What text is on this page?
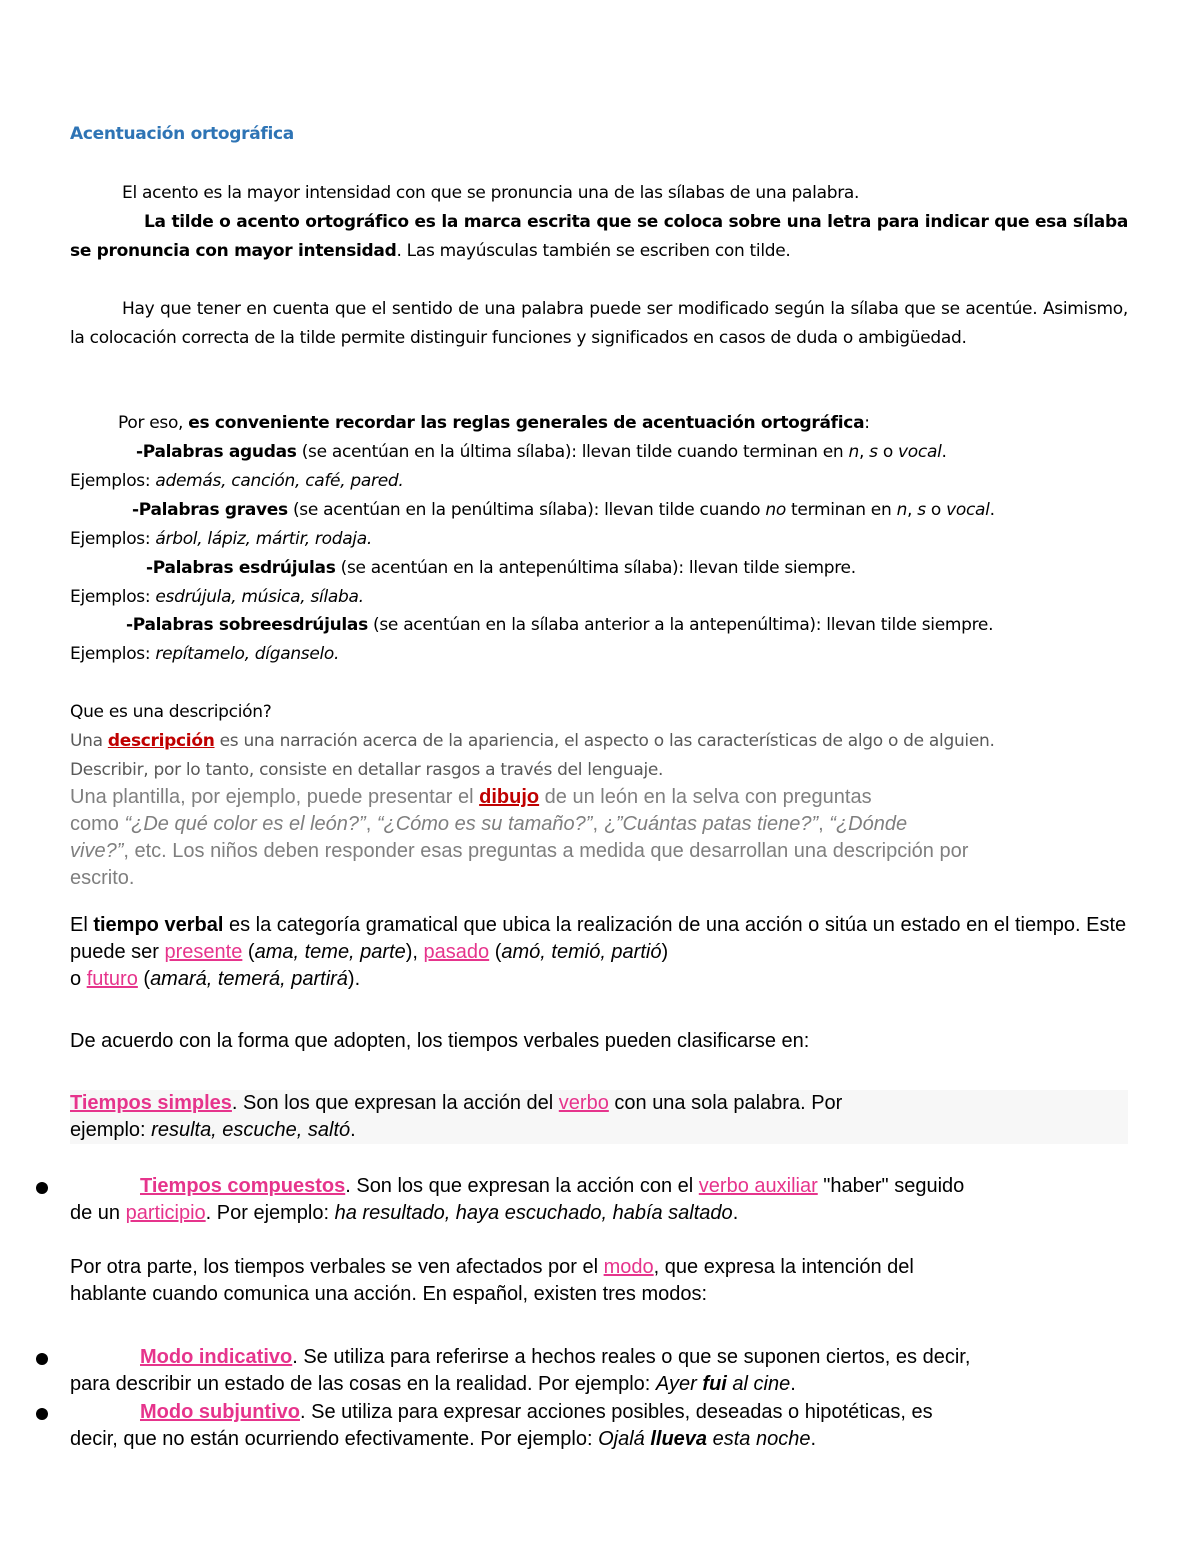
Acentuación ortográfica
El acento es la mayor intensidad con que se pronuncia una de las sílabas de una palabra.
La tilde o acento ortográfico es la marca escrita que se coloca sobre una letra para indicar que esa sílaba se pronuncia con mayor intensidad. Las mayúsculas también se escriben con tilde.
Hay que tener en cuenta que el sentido de una palabra puede ser modificado según la sílaba que se acentúe. Asimismo, la colocación correcta de la tilde permite distinguir funciones y significados en casos de duda o ambigüedad.
Por eso, es conveniente recordar las reglas generales de acentuación ortográfica:
-Palabras agudas (se acentúan en la última sílaba): llevan tilde cuando terminan en n, s o vocal.
Ejemplos: además, canción, café, pared.
-Palabras graves (se acentúan en la penúltima sílaba): llevan tilde cuando no terminan en n, s o vocal.
Ejemplos: árbol, lápiz, mártir, rodaja.
-Palabras esdrújulas (se acentúan en la antepenúltima sílaba): llevan tilde siempre.
Ejemplos: esdrújula, música, sílaba.
-Palabras sobreesdrújulas (se acentúan en la sílaba anterior a la antepenúltima): llevan tilde siempre.
Ejemplos: repítamelo, díganselo.
Que es una descripción?
Una descripción es una narración acerca de la apariencia, el aspecto o las características de algo o de alguien.
Describir, por lo tanto, consiste en detallar rasgos a través del lenguaje.
Una plantilla, por ejemplo, puede presentar el dibujo de un león en la selva con preguntas
como “¿De qué color es el león?”, “¿Cómo es su tamaño?”, ¿”Cuántas patas tiene?”, “¿Dónde
vive?”, etc. Los niños deben responder esas preguntas a medida que desarrollan una descripción por
escrito.
El tiempo verbal es la categoría gramatical que ubica la realización de una acción o sitúa un estado en el tiempo. Este puede ser presente (ama, teme, parte), pasado (amó, temió, partió)
o futuro (amará, temerá, partirá).
De acuerdo con la forma que adopten, los tiempos verbales pueden clasificarse en:
Tiempos simples. Son los que expresan la acción del verbo con una sola palabra. Por
ejemplo: resulta, escuche, saltó.
Tiempos compuestos. Son los que expresan la acción con el verbo auxiliar "haber" seguido
de un participio. Por ejemplo: ha resultado, haya escuchado, había saltado.
Por otra parte, los tiempos verbales se ven afectados por el modo, que expresa la intención del
hablante cuando comunica una acción. En español, existen tres modos:
Modo indicativo. Se utiliza para referirse a hechos reales o que se suponen ciertos, es decir,
para describir un estado de las cosas en la realidad. Por ejemplo: Ayer fui al cine.
Modo subjuntivo. Se utiliza para expresar acciones posibles, deseadas o hipotéticas, es
decir, que no están ocurriendo efectivamente. Por ejemplo: Ojalá llueva esta noche.
